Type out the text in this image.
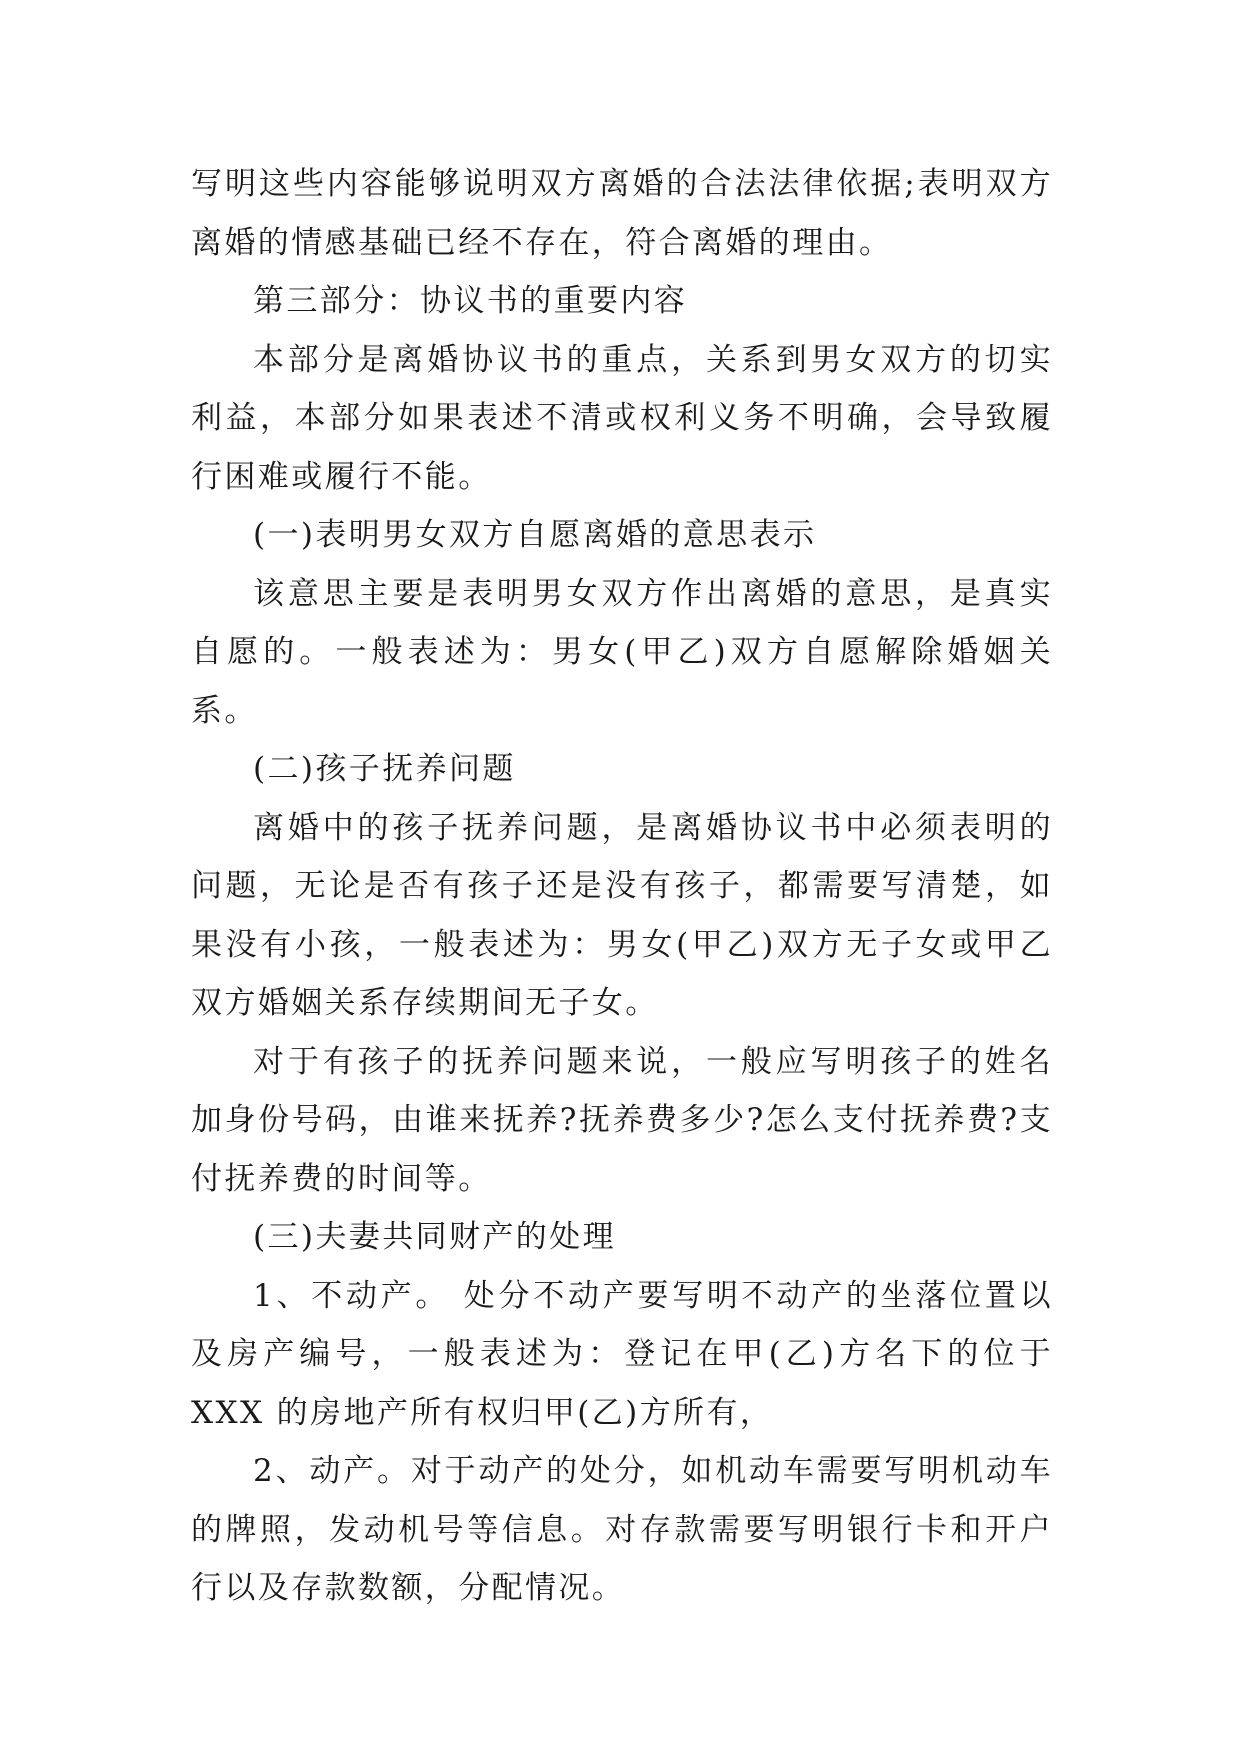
写明这些内容能够说明双方离婚的合法法律依据;表明双方离婚的情感基础已经不存在，符合离婚的理由。

第三部分：协议书的重要内容

本部分是离婚协议书的重点，关系到男女双方的切实利益，本部分如果表述不清或权利义务不明确，会导致履行困难或履行不能。

(一)表明男女双方自愿离婚的意思表示

该意思主要是表明男女双方作出离婚的意思，是真实自愿的。一般表述为：男女(甲乙)双方自愿解除婚姻关系。

(二)孩子抚养问题

离婚中的孩子抚养问题，是离婚协议书中必须表明的问题，无论是否有孩子还是没有孩子，都需要写清楚，如果没有小孩，一般表述为：男女(甲乙)双方无子女或甲乙双方婚姻关系存续期间无子女。

对于有孩子的抚养问题来说，一般应写明孩子的姓名加身份号码，由谁来抚养?抚养费多少?怎么支付抚养费?支付抚养费的时间等。

(三)夫妻共同财产的处理

1、不动产。 处分不动产要写明不动产的坐落位置以及房产编号，一般表述为：登记在甲(乙)方名下的位于 XXX 的房地产所有权归甲(乙)方所有，

2、动产。对于动产的处分，如机动车需要写明机动车的牌照，发动机号等信息。对存款需要写明银行卡和开户行以及存款数额，分配情况。
